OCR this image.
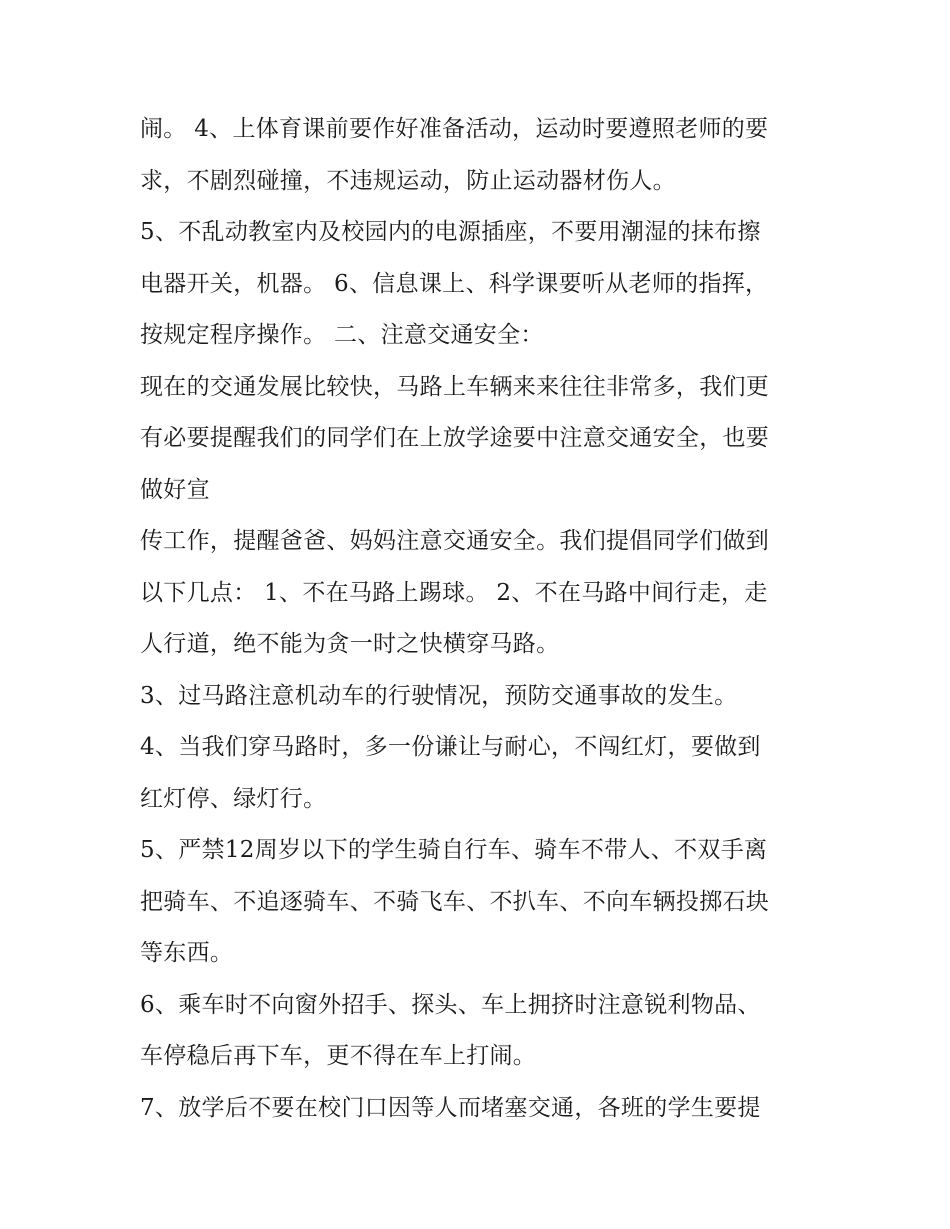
闹。 4、上体育课前要作好准备活动，运动时要遵照老师的要
求，不剧烈碰撞，不违规运动，防止运动器材伤人。
5、不乱动教室内及校园内的电源插座，不要用潮湿的抹布擦
电器开关，机器。 6、信息课上、科学课要听从老师的指挥，
按规定程序操作。 二、注意交通安全：
现在的交通发展比较快，马路上车辆来来往往非常多，我们更
有必要提醒我们的同学们在上放学途要中注意交通安全，也要
做好宣
传工作，提醒爸爸、妈妈注意交通安全。我们提倡同学们做到
以下几点： 1、不在马路上踢球。 2、不在马路中间行走，走
人行道，绝不能为贪一时之快横穿马路。
3、过马路注意机动车的行驶情况，预防交通事故的发生。
4、当我们穿马路时，多一份谦让与耐心，不闯红灯，要做到
红灯停、绿灯行。
5、严禁12周岁以下的学生骑自行车、骑车不带人、不双手离
把骑车、不追逐骑车、不骑飞车、不扒车、不向车辆投掷石块
等东西。
6、乘车时不向窗外招手、探头、车上拥挤时注意锐利物品、
车停稳后再下车，更不得在车上打闹。
7、放学后不要在校门口因等人而堵塞交通，各班的学生要提
